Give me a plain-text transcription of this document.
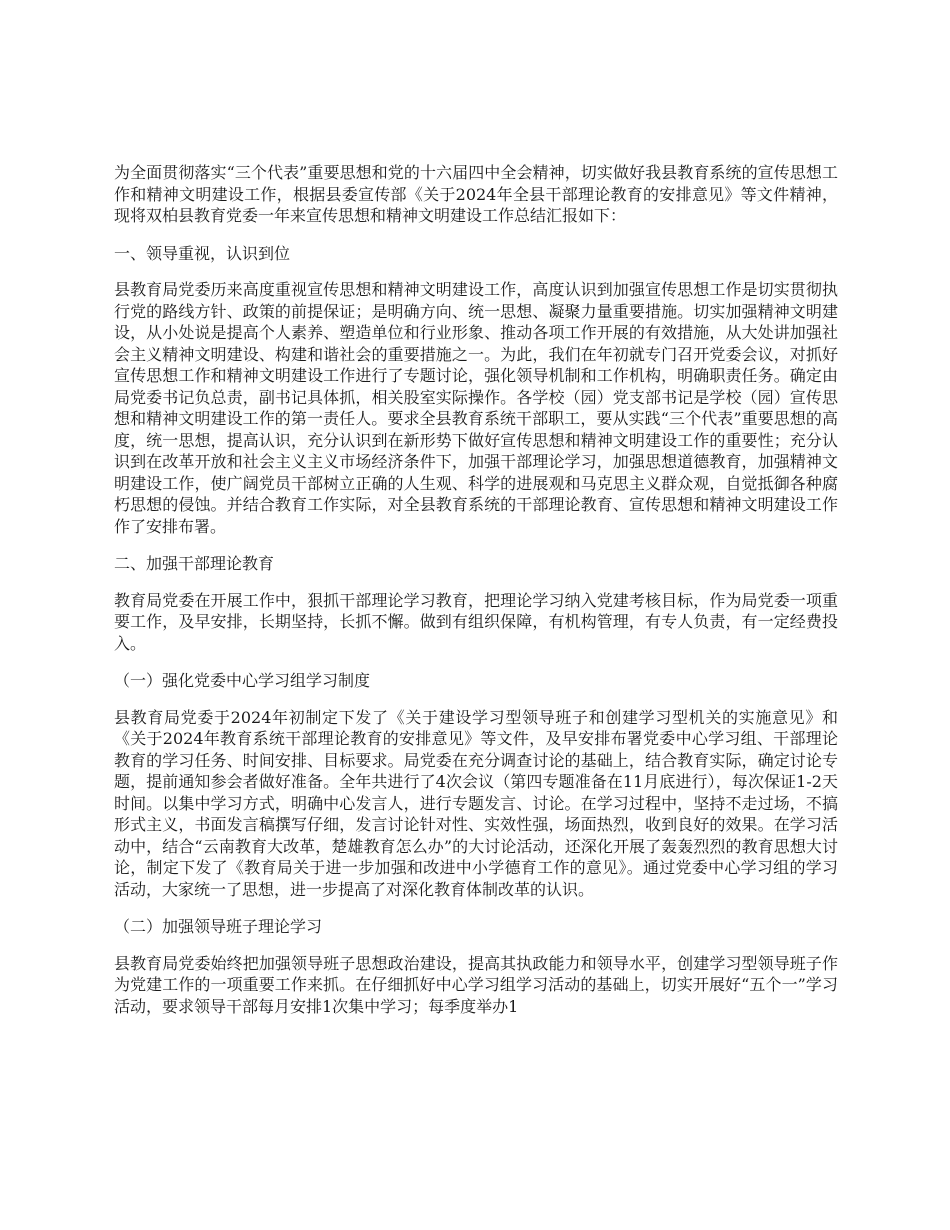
为全面贯彻落实“三个代表”重要思想和党的十六届四中全会精神，切实做好我县教育系统的宣传思想工作和精神文明建设工作，根据县委宣传部《关于2024年全县干部理论教育的安排意见》等文件精神，现将双柏县教育党委一年来宣传思想和精神文明建设工作总结汇报如下：

一、领导重视，认识到位

县教育局党委历来高度重视宣传思想和精神文明建设工作，高度认识到加强宣传思想工作是切实贯彻执行党的路线方针、政策的前提保证；是明确方向、统一思想、凝聚力量重要措施。切实加强精神文明建设，从小处说是提高个人素养、塑造单位和行业形象、推动各项工作开展的有效措施，从大处讲加强社会主义精神文明建设、构建和谐社会的重要措施之一。为此，我们在年初就专门召开党委会议，对抓好宣传思想工作和精神文明建设工作进行了专题讨论，强化领导机制和工作机构，明确职责任务。确定由局党委书记负总责，副书记具体抓，相关股室实际操作。各学校（园）党支部书记是学校（园）宣传思想和精神文明建设工作的第一责任人。要求全县教育系统干部职工，要从实践“三个代表”重要思想的高度，统一思想，提高认识，充分认识到在新形势下做好宣传思想和精神文明建设工作的重要性；充分认识到在改革开放和社会主义主义市场经济条件下，加强干部理论学习，加强思想道德教育，加强精神文明建设工作，使广阔党员干部树立正确的人生观、科学的进展观和马克思主义群众观，自觉抵御各种腐朽思想的侵蚀。并结合教育工作实际，对全县教育系统的干部理论教育、宣传思想和精神文明建设工作作了安排布署。

二、加强干部理论教育

教育局党委在开展工作中，狠抓干部理论学习教育，把理论学习纳入党建考核目标，作为局党委一项重要工作，及早安排，长期坚持，长抓不懈。做到有组织保障，有机构管理，有专人负责，有一定经费投入。

（一）强化党委中心学习组学习制度

县教育局党委于2024年初制定下发了《关于建设学习型领导班子和创建学习型机关的实施意见》和《关于2024年教育系统干部理论教育的安排意见》等文件，及早安排布署党委中心学习组、干部理论教育的学习任务、时间安排、目标要求。局党委在充分调查讨论的基础上，结合教育实际，确定讨论专题，提前通知参会者做好准备。全年共进行了4次会议（第四专题准备在11月底进行），每次保证1-2天时间。以集中学习方式，明确中心发言人，进行专题发言、讨论。在学习过程中，坚持不走过场，不搞形式主义，书面发言稿撰写仔细，发言讨论针对性、实效性强，场面热烈，收到良好的效果。在学习活动中，结合“云南教育大改革，楚雄教育怎么办”的大讨论活动，还深化开展了轰轰烈烈的教育思想大讨论，制定下发了《教育局关于进一步加强和改进中小学德育工作的意见》。通过党委中心学习组的学习活动，大家统一了思想，进一步提高了对深化教育体制改革的认识。

（二）加强领导班子理论学习

县教育局党委始终把加强领导班子思想政治建设，提高其执政能力和领导水平，创建学习型领导班子作为党建工作的一项重要工作来抓。在仔细抓好中心学习组学习活动的基础上，切实开展好“五个一”学习活动，要求领导干部每月安排1次集中学习；每季度举办1
